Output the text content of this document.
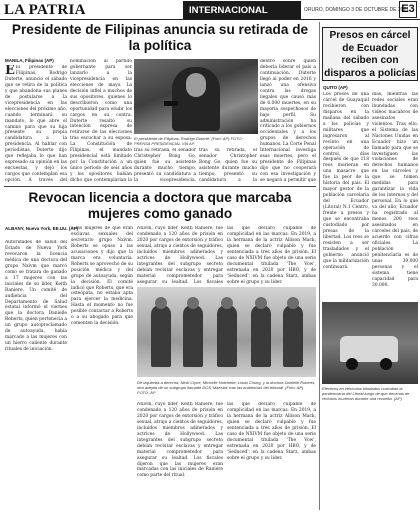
LA PATRIA	INTERNACIONAL	ORURO, DOMINGO 3 DE OCTUBRE DE 2021
E3
Presidente de Filipinas anuncia su retirada de la política
MANILA, Filipinas (AP)
E El presidente de Filipinas, Rodrigo Duterte, anunció el sábado que se retira de la política y que abandona sus planes de postularse a la vicepresidencia en las elecciones del próximo año, cuando terminará su mandato, lo que abre el camino para que su hija presente su propia candidatura a la presidencia. Al hablar con periodistas, Duterte dijo que reflejaba lo que han expresado su opinión en las encuestas, y dejó los cargos que contemplan esa opción. A través del
nominación al partido gobernante para ser lanzarlo a la vicepresidencia en las elecciones de mayo. La decisión infiel a muchos de sus opositores, quienes lo describieron como una oportunidad para eludir los cargos en su contra. Duterte resaltó su intención expresa de retirarse de las elecciones tras escuchar a su esposa. La Constitución de Filipinas, el mandato presidencial está limitado por la Constitución a un único periodo de seis años y los opositores habían dicho que contemplarían la
El presidente de Filipinas, Rodrigo Duterte. (Foto: AP) FOTO: PRENSA PRESIDENCIAL VÍA AP
tras su retirada, el senador Christopher Bong Go, quien fue su asistente durante mucho tiempo, presentó su candidatura a la vicepresidencia.
tras su retirada, el senador Christopher Bong Go, quien fue su asistente durante mucho tiempo, presentó su candidatura a la
dentro sobre quien debería liderar el país a continuación. Duterte llegó al poder en 2016 y lanzó una ofensiva contra las drogas ilegales que causó más de 6.000 muertes, en su mayoría sospechosos de bajo perfil. Su administración ha criticado a los gobiernos occidentales y a los grupos de derechos humanos. La Corte Penal Internacional investiga esas muertes, pero el presidente de Filipinas dijo que no cooperará con esa investigación y se negará a permitir que
Presos en cárcel de Ecuador reciben con disparos a policías
QUITO (AP)
Los presos de una cárcel de Guayaquil recibieron con disparos en la mañana del sábado a los policías y militares que ingresaron al recinto en una operación de control, días después de que 118 reos murieran en una masacre que fue la peor de la historia del país. El mayor gestor de la población carcelaria del Ecuador (Litoral) N.1 Centro, frente a presos y que se encontraba custodiado por presas de la libertad. Los reos se resisten a ser trasladados y el gobierno anunció que la militarización continuará.
días, mientras las redes sociales eran inundadas con videos macabros de asesinatos violentos. Tras ello, el Sistema de las Naciones Unidas en Ecuador hizo un llamado para que se investiguen las violaciones de derechos humanos en las cárceles y que se tomen medidas para garantizar la vida de los internos y del personal. En lo que va del año, Ecuador ha registrado al menos 200 reos asesinados en cárceles del país, de acuerdo con cifras oficiales. La población penitenciaria es de unas 39.000 personas y el sistema tiene capacidad para 30.000.
Efectivos en vehículos blindados custodian la penitenciaría del Litoral luego de que decenas de reclusos murieran durante una revuelta. (AP)
Revocan licencia a doctora que marcaba mujeres como ganado
ALBANY, Nueva York, EE.UU. (AP)
Autoridades de salud del Estado de Nueva York revocaron la licencia médica de una doctora del grupo Nxivm que marcó como se tratara de ganado a 17 mujeres con las iniciales de su líder, Keith Raniere. Un comité de audiencia del Departamento de Salud estatal informó el viernes que la doctora Danielle Roberts, quien pertenecía a un grupo autoproclamado de autoayuda, había marcado a las mujeres con un hierro caliente durante rituales de iniciación.
a las mujeres de que eran esclavas sexuales del secretario grupo Nxivm. Roberts se opuso a las acusaciones y dijo que la marca era voluntaria. Roberts se aprovechó de su posición médica y del grupo de autoayuda, según la decisión. El comité indicó que Roberts, que era osteópata, no estaba apta para ejercer la medicina. Hasta el momento no fue posible contactar a Roberts o a su abogado para que comenten la decisión.
Nxivm, cuyo líder, Keith Raniere, fue condenado a 120 años de prisión en 2020 por cargos de extorsión y tráfico sexual, atrajo a cientos de seguidores, incluidos miembros adinerados y actrices de Hollywood. Las integrantes del subgrupo secreto debían reclutar esclavas y entregar material comprometedor para asegurar su lealtad. Los fiscales
las que declaró culpable de complicidad en las marcas. En 2019, a la hermana de la actriz Allison Mack, quien se declaró culpable y fue sentenciada a tres años de prisión. El caso de NXIVM fue objeto de una serie documental titulada 'The Vow', estrenada en 2020 por HBO, y de 'Seduced', en la cadena Starz, ambas sobre el grupo y su líder.
De izquierda a derecha, Nicki Clyne, Michelle Hatchette, Linda Chung, y la doctora Danielle Roberts, otra adepta de un subgrupo llamado DOS 'Maestra' tras las audiencias del tribunal. (Foto: AP) FOTO: AP
Nxivm, cuyo líder, Keith Raniere, fue condenado a 120 años de prisión en 2020 por cargos de extorsión y tráfico sexual, atrajo a cientos de seguidores, incluidos miembros adinerados y actrices de Hollywood. Las integrantes del subgrupo secreto debían reclutar esclavas y entregar material comprometedor para asegurar su lealtad. Los fiscales dijeron que las mujeres eran marcadas con las iniciales de Raniere como parte del ritual.
las que declaró culpable de complicidad en las marcas. En 2019, a la hermana de la actriz Allison Mack, quien se declaró culpable y fue sentenciada a tres años de prisión. El caso de NXIVM fue objeto de una serie documental titulada 'The Vow', estrenada en 2020 por HBO, y de 'Seduced', en la cadena Starz, ambas sobre el grupo y su líder.
